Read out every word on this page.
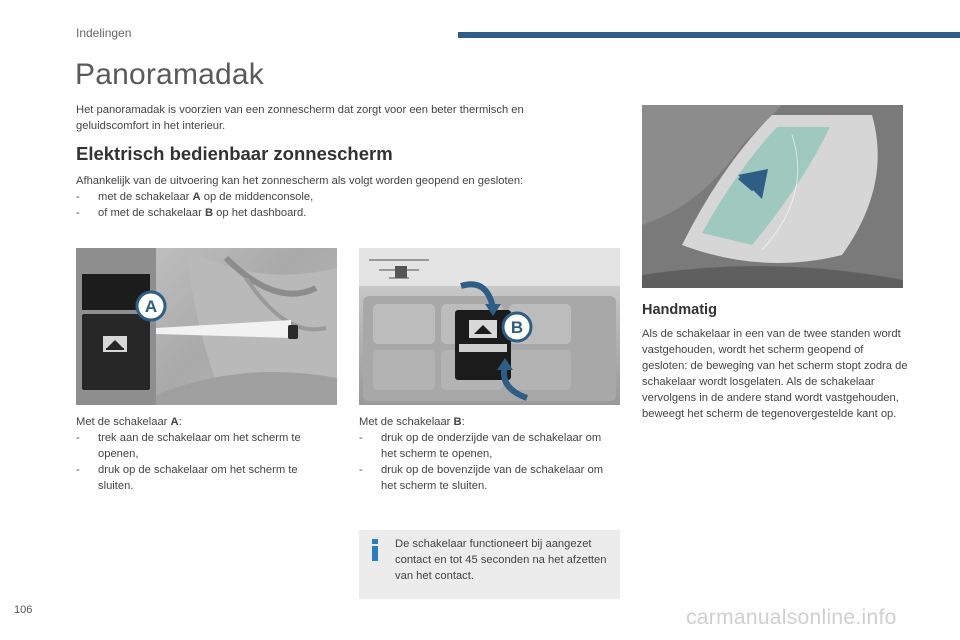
Indelingen
Panoramadak

Het panoramadak is voorzien van een zonnescherm dat zorgt voor een beter thermisch en geluidscomfort in het interieur.

Elektrisch bedienbaar zonnescherm
Afhankelijk van de uitvoering kan het zonnescherm als volgt worden geopend en gesloten:
-	met de schakelaar A op de middenconsole,
-	of met de schakelaar B op het dashboard.
A
B
Met de schakelaar A:
-	trek aan de schakelaar om het scherm te openen,
-	druk op de schakelaar om het scherm te sluiten.
Met de schakelaar B:
-	druk op de onderzijde van de schakelaar om het scherm te openen,
-	druk op de bovenzijde van de schakelaar om het scherm te sluiten.
De schakelaar functioneert bij aangezet contact en tot 45 seconden na het afzetten van het contact.
Handmatig
Als de schakelaar in een van de twee standen wordt vastgehouden, wordt het scherm geopend of gesloten: de beweging van het scherm stopt zodra de schakelaar wordt losgelaten. Als de schakelaar vervolgens in de andere stand wordt vastgehouden, beweegt het scherm de tegenovergestelde kant op.
106	carmanualsonline.info
